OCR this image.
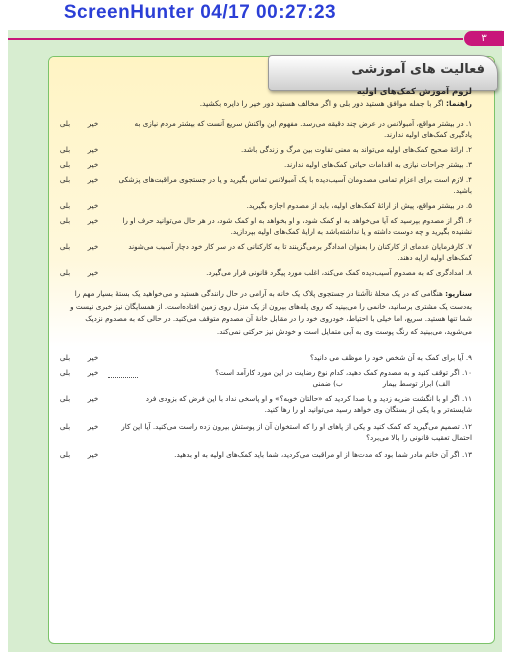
ScreenHunter 04/17 00:27:23
۳
فعالیت های آموزشی
لزوم آموزش کمک‌های اولیه
راهنما: اگر با جمله موافق هستید دور بلی و اگر مخالف هستید دور خیر را دایره بکشید.
۱. در بیشتر مواقع، آمبولانس در عرض چند دقیقه می‌رسد. مفهوم این واکنش سریع آنست که بیشتر مردم نیازی به یادگیری کمک‌های اولیه ندارند.
خیر
بلی
۲. ارائۀ صحیح کمک‌های اولیه می‌تواند به معنی تفاوت بین مرگ و زندگی باشد.
خیر
بلی
۳. بیشتر جراحات نیازی به اقدامات حیاتی کمک‌های اولیه ندارند.
خیر
بلی
۴. لازم است برای اعزام تمامی مصدومان آسیب‌دیده با یک آمبولانس تماس بگیرید و یا در جستجوی مراقبت‌های پزشکی باشید.
خیر
بلی
۵. در بیشتر مواقع، پیش از ارائۀ کمک‌های اولیه، باید از مصدوم اجازه بگیرید.
خیر
بلی
۶. اگر از مصدوم بپرسید که آیا می‌خواهد به او کمک شود، و او بخواهد به او کمک شود، در هر حال می‌توانید حرف او را نشنیده بگیرید و چه دوست داشته و یا نداشته‌باشد به ارایۀ کمک‌های اولیه بپردازید.
خیر
بلی
۷. کارفرمایان عدمای از کارکنان را بعنوان امدادگر برمی‌گزینند تا به کارکنانی که در سر کار خود دچار آسیب می‌شوند کمک‌های اولیه ارایه دهند.
خیر
بلی
۸. امدادگری که به مصدوم آسیب‌دیده کمک می‌کند، اغلب مورد پیگرد قانونی قرار می‌گیرد.
خیر
بلی
سناریو: هنگامی که در یک محلۀ ناآشنا در جستجوی پلاک یک خانه به آرامی در حال رانندگی هستید و می‌خواهید یک بستۀ بسیار مهم را به‌دست یک مشتری برسانید، خانمی را می‌بینید که روی پله‌های بیرون از یک منزل روی زمین افتاده‌است. از همسایگان نیز خبری نیست و شما تنها هستید. سریع، اما خیلی با احتیاط، خودروی خود را در مقابل خانۀ آن مصدوم متوقف می‌کنید. در حالی که به مصدوم نزدیک می‌شوید، می‌بینید که رنگ پوست وی به آبی متمایل است و خودش نیز حرکتی نمی‌کند.
۹. آیا برای کمک به آن شخص خود را موظف می دانید؟
خیر
بلی
۱۰. اگر توقف کنید و به مصدوم کمک دهید، کدام نوع رضایت در این مورد کارآمد است؟
خیر
بلی
الف) ابراز توسط بیمار
ب) ضمنی
۱۱. اگر او با انگشت ضربه زدید و یا صدا کردید که «حالتان خوبه؟» و او پاسخی نداد با این فرض که بزودی فرد شایسته‌تر و یا یکی از بستگان وی خواهد رسید می‌توانید او را رها کنید.
خیر
بلی
۱۲. تصمیم می‌گیرید که کمک کنید و یکی از پاهای او را که استخوان آن از پوستش بیرون زده راست می‌کنید. آیا این کار احتمال تعقیب قانونی را بالا می‌برد؟
خیر
بلی
۱۳. اگر آن خانم مادر شما بود که مدت‌ها از او مراقبت می‌کردید، شما باید کمک‌های اولیه به او بدهید.
خیر
بلی
